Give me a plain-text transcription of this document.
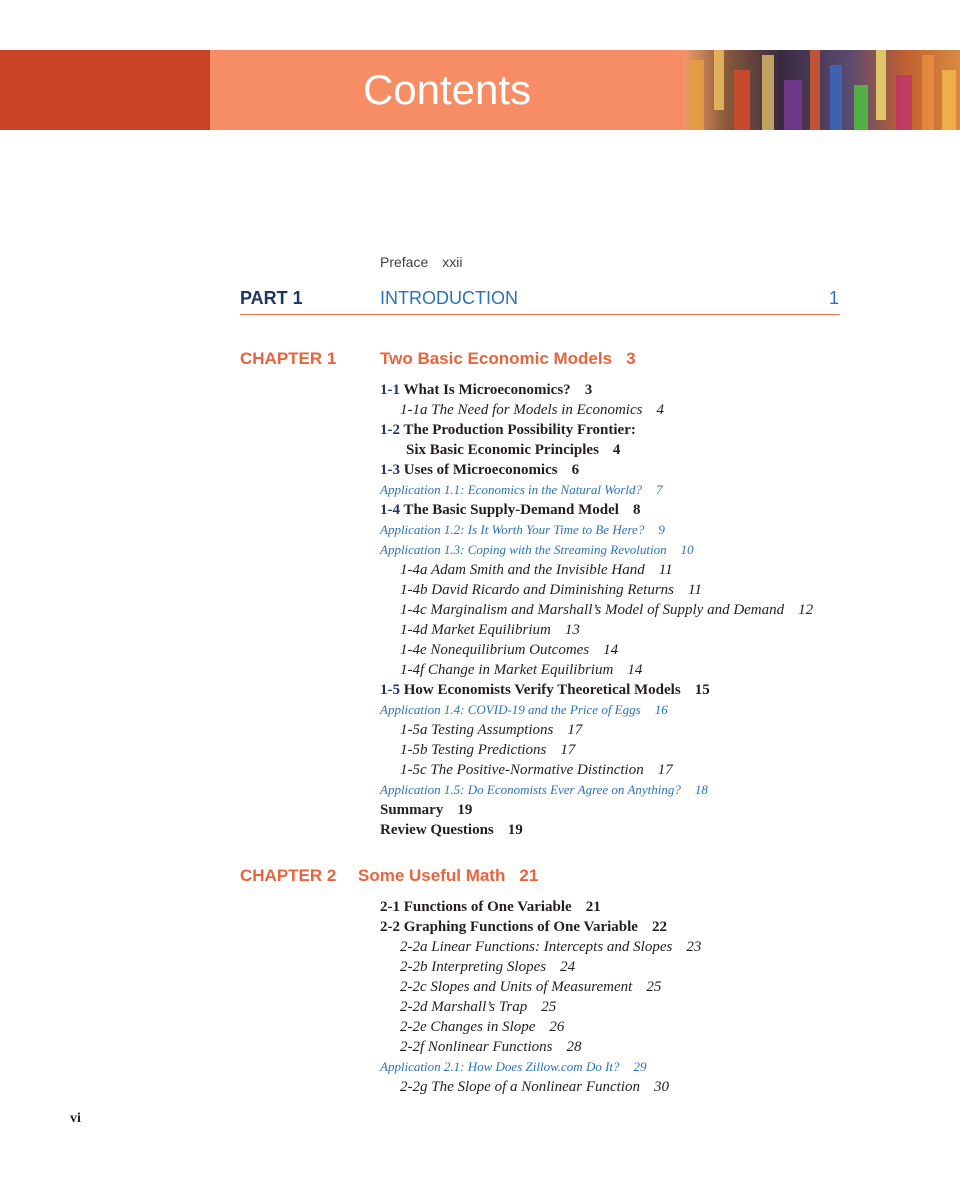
Contents
Preface xxii
PART 1	INTRODUCTION	1
CHAPTER 1	Two Basic Economic Models 3
1-1 What Is Microeconomics? 3
1-1a The Need for Models in Economics 4
1-2 The Production Possibility Frontier:
Six Basic Economic Principles 4
1-3 Uses of Microeconomics 6
Application 1.1: Economics in the Natural World? 7
1-4 The Basic Supply-Demand Model 8
Application 1.2: Is It Worth Your Time to Be Here? 9
Application 1.3: Coping with the Streaming Revolution 10
1-4a Adam Smith and the Invisible Hand 11
1-4b David Ricardo and Diminishing Returns 11
1-4c Marginalism and Marshall’s Model of Supply and Demand 12
1-4d Market Equilibrium 13
1-4e Nonequilibrium Outcomes 14
1-4f Change in Market Equilibrium 14
1-5 How Economists Verify Theoretical Models 15
Application 1.4: COVID-19 and the Price of Eggs 16
1-5a Testing Assumptions 17
1-5b Testing Predictions 17
1-5c The Positive-Normative Distinction 17
Application 1.5: Do Economists Ever Agree on Anything? 18
Summary 19
Review Questions 19
CHAPTER 2 Some Useful Math 21
2-1 Functions of One Variable 21
2-2 Graphing Functions of One Variable 22
2-2a Linear Functions: Intercepts and Slopes 23
2-2b Interpreting Slopes 24
2-2c Slopes and Units of Measurement 25
2-2d Marshall’s Trap 25
2-2e Changes in Slope 26
2-2f Nonlinear Functions 28
Application 2.1: How Does Zillow.com Do It? 29
2-2g The Slope of a Nonlinear Function 30
vi
